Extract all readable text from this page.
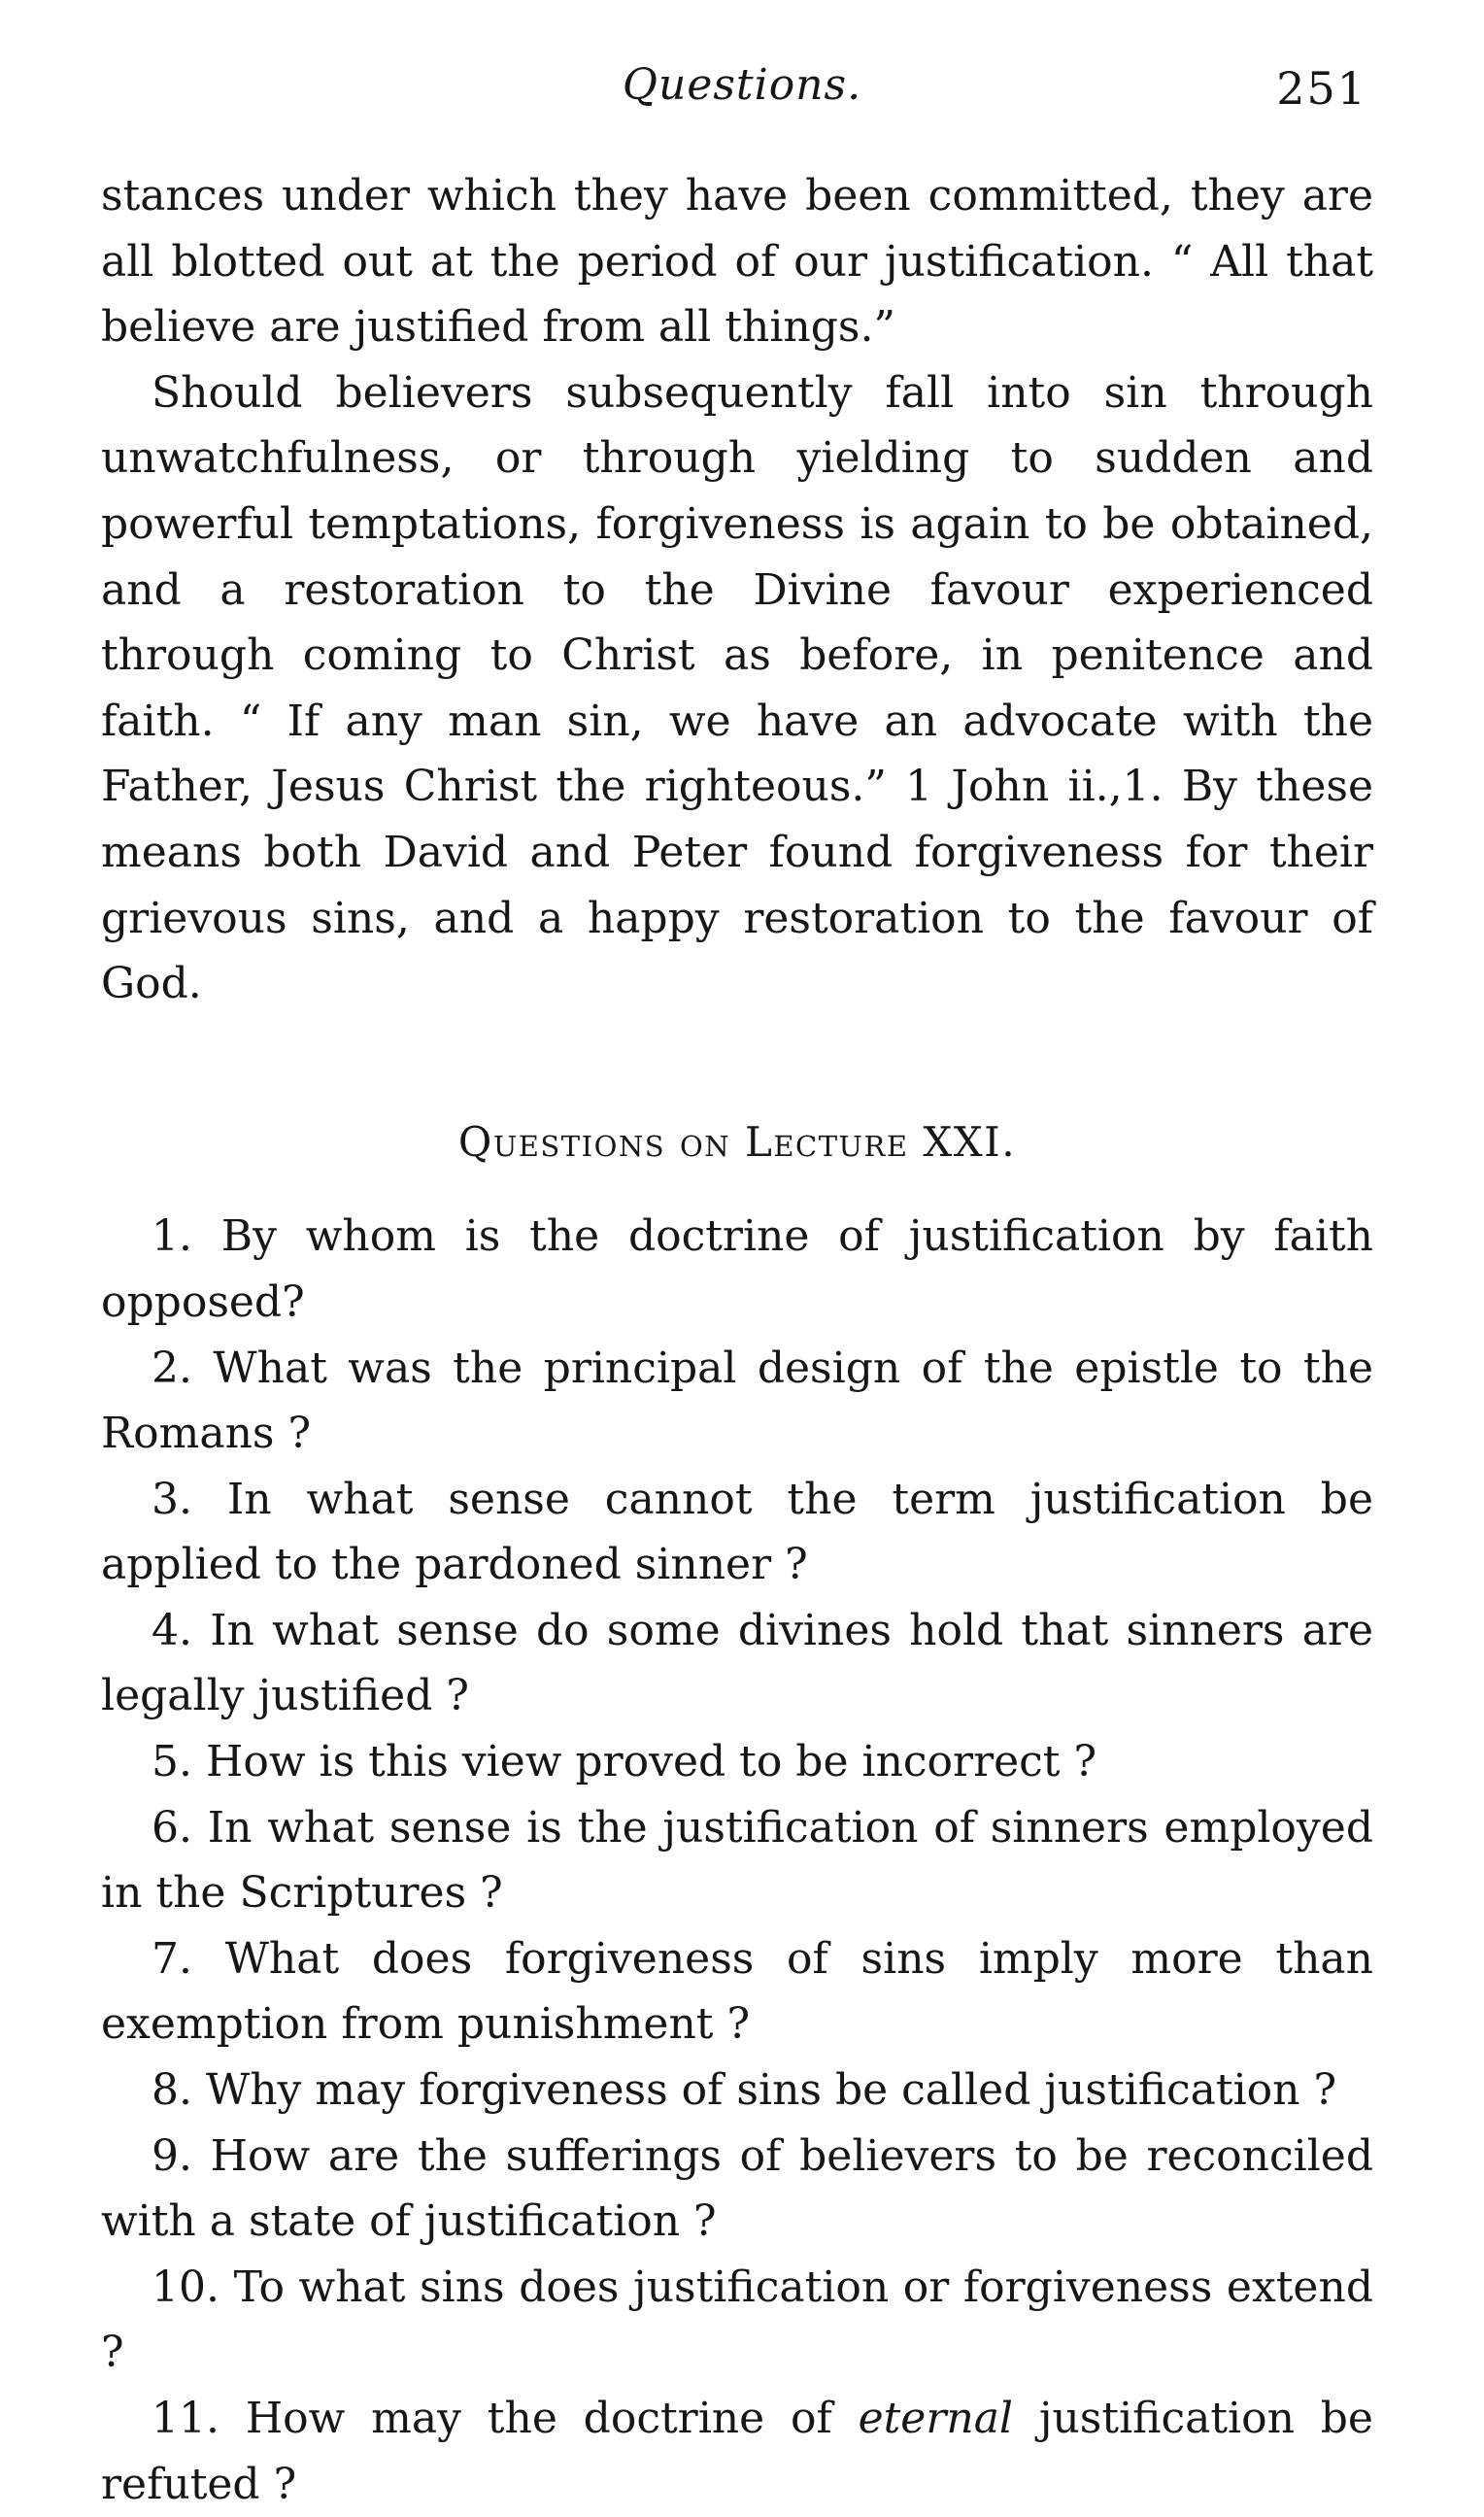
Questions.	251

stances under which they have been committed, they are all blotted out at the period of our justification. “ All that believe are justified from all things.”

Should believers subsequently fall into sin through unwatchfulness, or through yielding to sudden and powerful temptations, forgiveness is again to be obtained, and a restoration to the Divine favour experienced through coming to Christ as before, in penitence and faith. “ If any man sin, we have an advocate with the Father, Jesus Christ the righteous.” 1 John ii.,1. By these means both David and Peter found forgiveness for their grievous sins, and a happy restoration to the favour of God.

Questions on Lecture XXI.

1. By whom is the doctrine of justification by faith opposed?

2. What was the principal design of the epistle to the Romans ?

3. In what sense cannot the term justification be applied to the pardoned sinner ?

4. In what sense do some divines hold that sinners are legally justified ?

5. How is this view proved to be incorrect ?

6. In what sense is the justification of sinners employed in the Scriptures ?

7. What does forgiveness of sins imply more than exemption from punishment ?

8. Why may forgiveness of sins be called justification ?

9. How are the sufferings of believers to be reconciled with a state of justification ?

10. To what sins does justification or forgiveness extend ?

11. How may the doctrine of eternal justification be refuted ?
